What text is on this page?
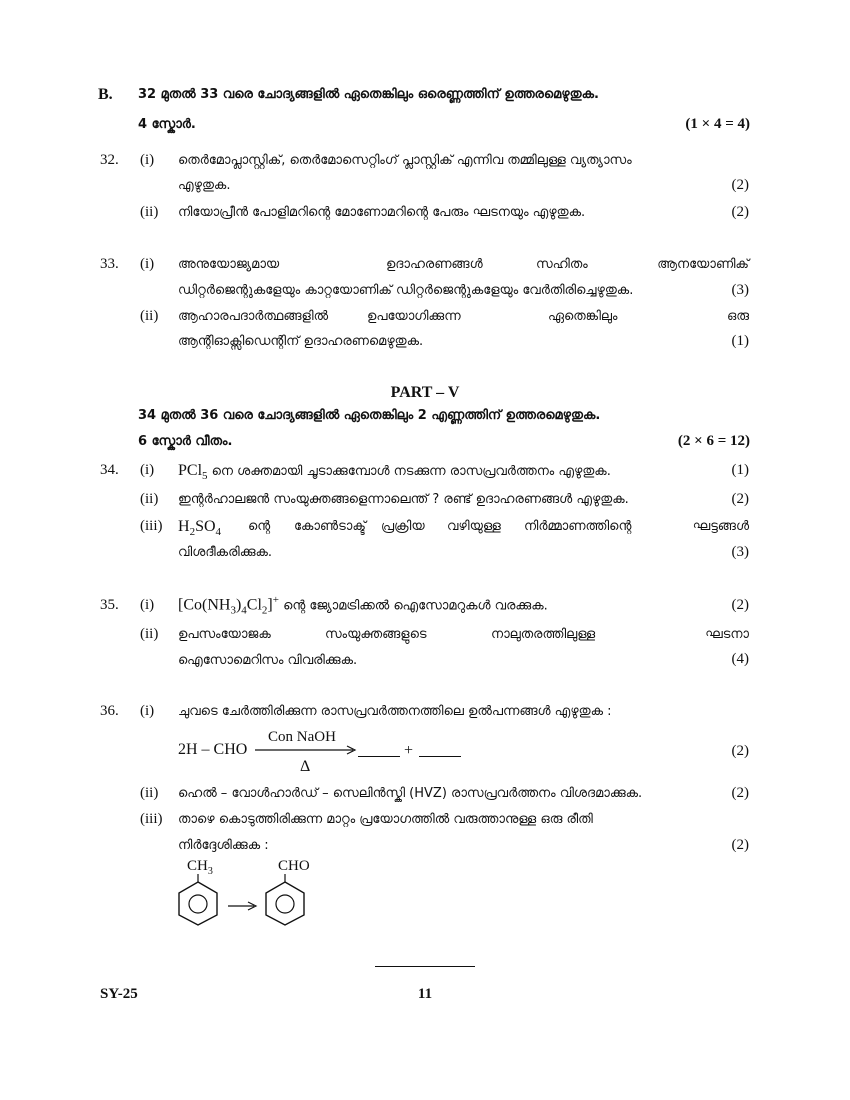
B. 32 മുതൽ 33 വരെ ചോദ്യങ്ങളിൽ ഏതെങ്കിലും ഒരെണ്ണത്തിന് ഉത്തരമെഴുതുക.
4 സ്കോർ.	(1 × 4 = 4)
32. (i) തെർമോപ്ലാസ്റ്റിക്, തെർമോസെറ്റിംഗ് പ്ലാസ്റ്റിക് എന്നിവ തമ്മിലുള്ള വ്യത്യാസം
എഴുതുക.	(2)
(ii) നിയോപ്രീൻ പോളിമറിന്റെ മോണോമറിന്റെ പേരും ഘടനയും എഴുതുക.	(2)
33. (i) അനുയോജ്യമായ	ഉദാഹരണങ്ങൾ	സഹിതം	ആനയോണിക്
ഡിറ്റർജെന്റുകളേയും കാറ്റയോണിക് ഡിറ്റർജെന്റുകളേയും വേർതിരിച്ചെഴുതുക.	(3)
(ii) ആഹാരപദാർത്ഥങ്ങളിൽ	ഉപയോഗിക്കുന്ന	ഏതെങ്കിലും	ഒരു
ആന്റിഓക്സിഡെന്റിന് ഉദാഹരണമെഴുതുക.	(1)
PART – V
34 മുതൽ 36 വരെ ചോദ്യങ്ങളിൽ ഏതെങ്കിലും 2 എണ്ണത്തിന് ഉത്തരമെഴുതുക.
6 സ്കോർ വീതം.	(2 × 6 = 12)
34. (i) PCl$_5$ നെ ശക്തമായി ചൂടാക്കുമ്പോൾ നടക്കുന്ന രാസപ്രവർത്തനം എഴുതുക.	(1)
(ii) ഇന്റർഹാലജൻ സംയുക്തങ്ങളെന്നാലെന്ത് ? രണ്ട് ഉദാഹരണങ്ങൾ എഴുതുക.	(2)
(iii) $H_2SO_4$ ന്റെ കോൺടാക്ട് പ്രക്രിയ വഴിയുള്ള നിർമ്മാണത്തിന്റെ	ഘട്ടങ്ങൾ
വിശദീകരിക്കുക.	(3)
35. (i) $[Co(NH_3)_4Cl_2]^+$ ന്റെ ജ്യോമട്രിക്കൽ ഐസോമറുകൾ വരക്കുക.	(2)
(ii) ഉപസംയോജക	സംയുക്തങ്ങളുടെ	നാലുതരത്തിലുള്ള	ഘടനാ
ഐസോമെറിസം വിവരിക്കുക.	(4)
36. (i) ചുവടെ ചേർത്തിരിക്കുന്ന രാസപ്രവർത്തനത്തിലെ ഉൽപന്നങ്ങൾ എഴുതുക :
2H – CHO
Con NaOH
Δ
+	(2)
(ii) ഹെൽ – വോൾഹാർഡ് – സെലിൻസ്കി (HVZ) രാസപ്രവർത്തനം വിശദമാക്കുക.	(2)
(iii) താഴെ കൊടുത്തിരിക്കുന്ന മാറ്റം പ്രയോഗത്തിൽ വരുത്താനുള്ള ഒരു രീതി
നിർദ്ദേശിക്കുക :	(2)
$CH_3$	CHO
SY-25	11
